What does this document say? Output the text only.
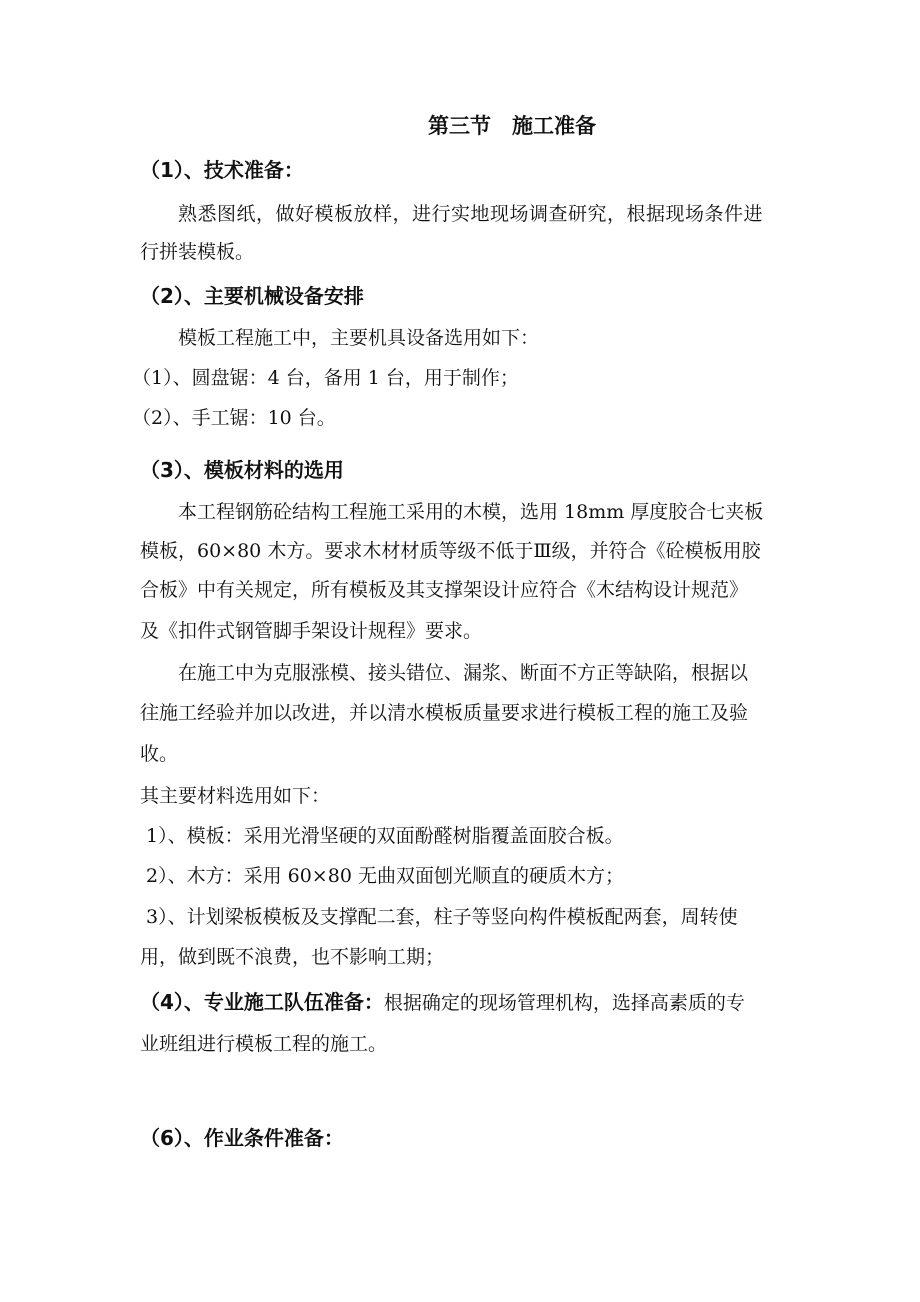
第三节　施工准备
（1）、技术准备：
熟悉图纸，做好模板放样，进行实地现场调查研究，根据现场条件进
行拼装模板。
（2）、主要机械设备安排
模板工程施工中，主要机具设备选用如下：
（1）、圆盘锯：4 台，备用 1 台，用于制作；
（2）、手工锯：10 台。
（3）、模板材料的选用
本工程钢筋砼结构工程施工采用的木模，选用 18mm 厚度胶合七夹板
模板，60×80 木方。要求木材材质等级不低于Ⅲ级，并符合《砼模板用胶
合板》中有关规定，所有模板及其支撑架设计应符合《木结构设计规范》
及《扣件式钢管脚手架设计规程》要求。
在施工中为克服涨模、接头错位、漏浆、断面不方正等缺陷，根据以
往施工经验并加以改进，并以清水模板质量要求进行模板工程的施工及验
收。
其主要材料选用如下：
1）、模板：采用光滑坚硬的双面酚醛树脂覆盖面胶合板。
2）、木方：采用 60×80 无曲双面刨光顺直的硬质木方；
3）、计划梁板模板及支撑配二套，柱子等竖向构件模板配两套，周转使
用，做到既不浪费，也不影响工期；
（4）、专业施工队伍准备：根据确定的现场管理机构，选择高素质的专
业班组进行模板工程的施工。
（6）、作业条件准备：
